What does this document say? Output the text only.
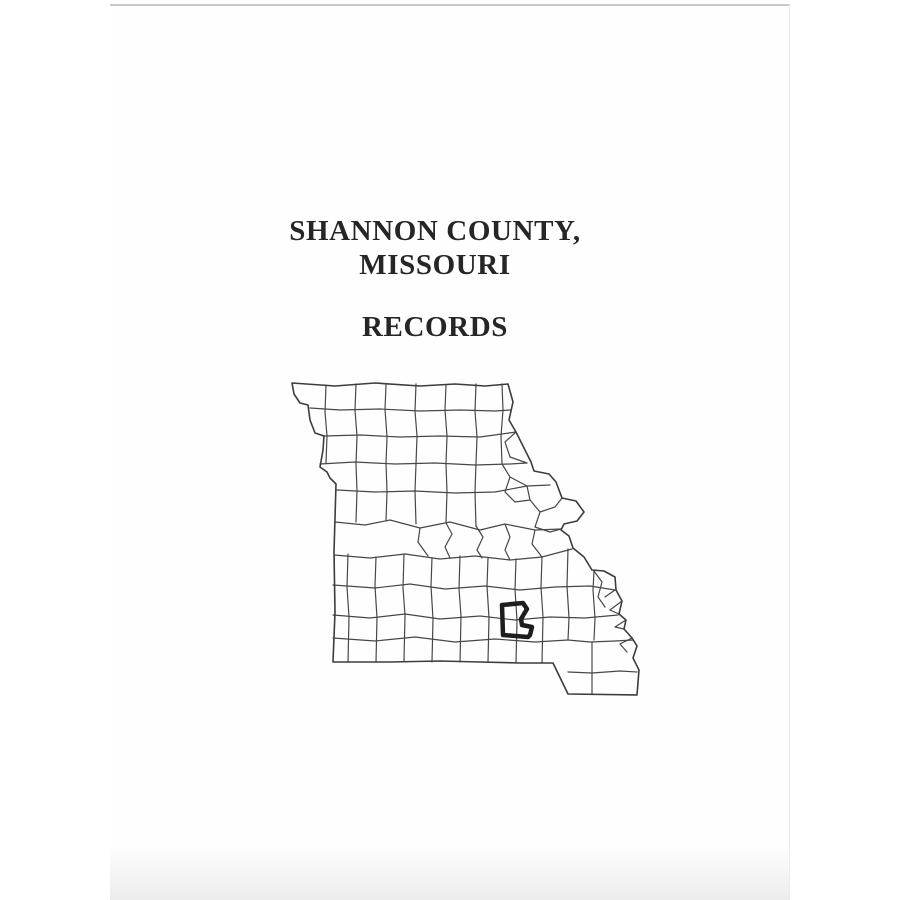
SHANNON COUNTY,
MISSOURI
RECORDS
